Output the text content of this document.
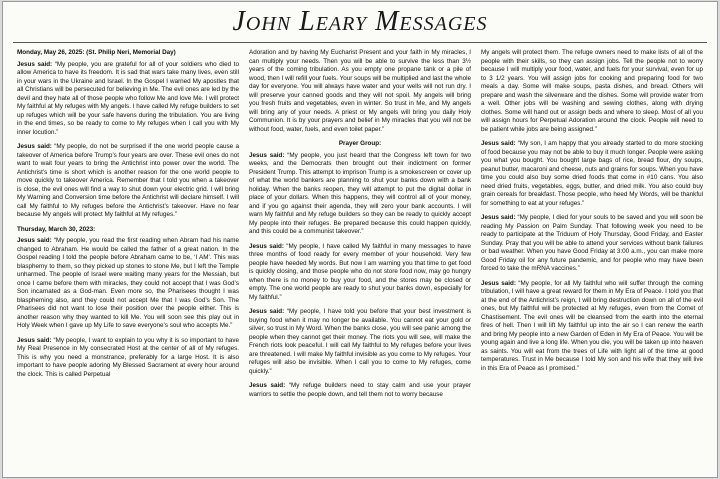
John Leary Messages
Monday, May 26, 2025: (St. Philip Neri, Memorial Day)

Jesus said: “My people, you are grateful for all of your soldiers who died to allow America to have its freedom. It is sad that wars take many lives, even still in your wars in the Ukraine and Israel. In the Gospel I warned My apostles that all Christians will be persecuted for believing in Me. The evil ones are led by the devil and they hate all of those people who follow Me and love Me. I will protect My faithful at My refuges with My angels. I have called My refuge builders to set up refuges which will be your safe havens during the tribulation. You are living in the end times, so be ready to come to My refuges when I call you with My inner locution.”

Jesus said: “My people, do not be surprised if the one world people cause a takeover of America before Trump’s four years are over. These evil ones do not want to wait four years to bring the Antichrist into power over the world. The Antichrist’s time is short which is another reason for the one world people to move quickly to takeover America. Remember that I told you when a takeover is close, the evil ones will find a way to shut down your electric grid. I will bring My Warning and Conversion time before the Antichrist will declare himself. I will call My faithful to My refuges before the Antichrist’s takeover. Have no fear because My angels will protect My faithful at My refuges.”

Thursday, March 30, 2023:

Jesus said: “My people, you read the first reading when Abram had his name changed to Abraham. He would be called the father of a great nation. In the Gospel reading I told the people before Abraham came to be, ‘I AM’. This was blasphemy to them, so they picked up stones to stone Me, but I left the Temple unharmed. The people of Israel were waiting many years for the Messiah, but once I came before them with miracles, they could not accept that I was God’s Son incarnated as a God-man. Even more so, the Pharisees thought I was blaspheming also, and they could not accept Me that I was God’s Son. The Pharisees did not want to lose their position over the people either. This is another reason why they wanted to kill Me. You will soon see this play out in Holy Week when I gave up My Life to save everyone’s soul who accepts Me.”

Jesus said: “My people, I want to explain to you why it is so important to have My Real Presence in My consecrated Host at the center of all of My refuges. This is why you need a monstrance, preferably for a large Host. It is also important to have people adoring My Blessed Sacrament at every hour around the clock. This is called Perpetual

Adoration and by having My Eucharist Present and your faith in My miracles, I can multiply your needs. Then you will be able to survive the less than 3½ years of the coming tribulation. As you empty one propane tank or a pile of wood, then I will refill your fuels. Your soups will be multiplied and last the whole day for everyone. You will always have water and your wells will not run dry. I will preserve your canned goods and they will not spoil. My angels will bring you fresh fruits and vegetables, even in winter. So trust in Me, and My angels will bring any of your needs. A priest or My angels will bring you daily Holy Communion. It is by your prayers and belief in My miracles that you will not be without food, water, fuels, and even toilet paper.”

Prayer Group:

Jesus said: “My people, you just heard that the Congress left town for two weeks, and the Democrats then brought out their indictment on former President Trump. This attempt to imprison Trump is a smokescreen or cover up of what the world bankers are planning to shut your banks down with a bank holiday. When the banks reopen, they will attempt to put the digital dollar in place of your dollars. When this happens, they will control all of your money, and if you go against their agenda, they will zero your bank accounts. I will warn My faithful and My refuge builders so they can be ready to quickly accept My people into their refuges. Be prepared because this could happen quickly, and this could be a communist takeover.”

Jesus said: “My people, I have called My faithful in many messages to have three months of food ready for every member of your household. Very few people have heeded My words. But now I am warning you that time to get food is quickly closing, and those people who do not store food now, may go hungry when there is no money to buy your food, and the stores may be closed or empty. The one world people are ready to shut your banks down, especially for My faithful.”

Jesus said: “My people, I have told you before that your best investment is buying food when it may no longer be available. You cannot eat your gold or silver, so trust in My Word. When the banks close, you will see panic among the people when they cannot get their money. The riots you will see, will make the French riots look peaceful. I will call My faithful to My refuges before your lives are threatened. I will make My faithful invisible as you come to My refuges. Your refuges will also be invisible. When I call you to come to My refuges, come quickly.”

Jesus said: “My refuge builders need to stay calm and use your prayer warriors to settle the people down, and tell them not to worry because

My angels will protect them. The refuge owners need to make lists of all of the people with their skills, so they can assign jobs. Tell the people not to worry because I will multiply your food, water, and fuels for your survival, even for up to 3 1/2 years. You will assign jobs for cooking and preparing food for two meals a day. Some will make soups, pasta dishes, and bread. Others will prepare and wash the silverware and the dishes. Some will provide water from a well. Other jobs will be washing and sewing clothes, along with drying clothes. Some will hand out or assign beds and where to sleep. Most of all you will assign hours for Perpetual Adoration around the clock. People will need to be patient while jobs are being assigned.”

Jesus said: “My son, I am happy that you already started to do more stocking of food because you may not be able to buy it much longer. People were asking you what you bought. You bought large bags of rice, bread flour, dry soups, peanut butter, macaroni and cheese, nuts and grains for soups. When you have time you could also buy some dried foods that come in #10 cans. You also need dried fruits, vegetables, eggs, butter, and dried milk. You also could buy grain cereals for breakfast. Those people, who heed My Words, will be thankful for something to eat at your refuges.”

Jesus said: “My people, I died for your souls to be saved and you will soon be reading My Passion on Palm Sunday. That following week you need to be ready to participate at the Triduum of Holy Thursday, Good Friday, and Easter Sunday. Pray that you will be able to attend your services without bank failures or bad weather. When you have Good Friday at 3:00 a.m., you can make more Good Friday oil for any future pandemic, and for people who may have been forced to take the mRNA vaccines.”

Jesus said: “My people, for all My faithful who will suffer through the coming tribulation, I will have a great reward for them in My Era of Peace. I told you that at the end of the Antichrist’s reign, I will bring destruction down on all of the evil ones, but My faithful will be protected at My refuges, even from the Comet of Chastisement. The evil ones will be cleansed from the earth into the eternal fires of hell. Then I will lift My faithful up into the air so I can renew the earth and bring My people into a new Garden of Eden in My Era of Peace. You will be young again and live a long life. When you die, you will be taken up into heaven as saints. You will eat from the trees of Life with light all of the time at good temperatures. Trust in Me because I told My son and his wife that they will live in this Era of Peace as I promised.”
